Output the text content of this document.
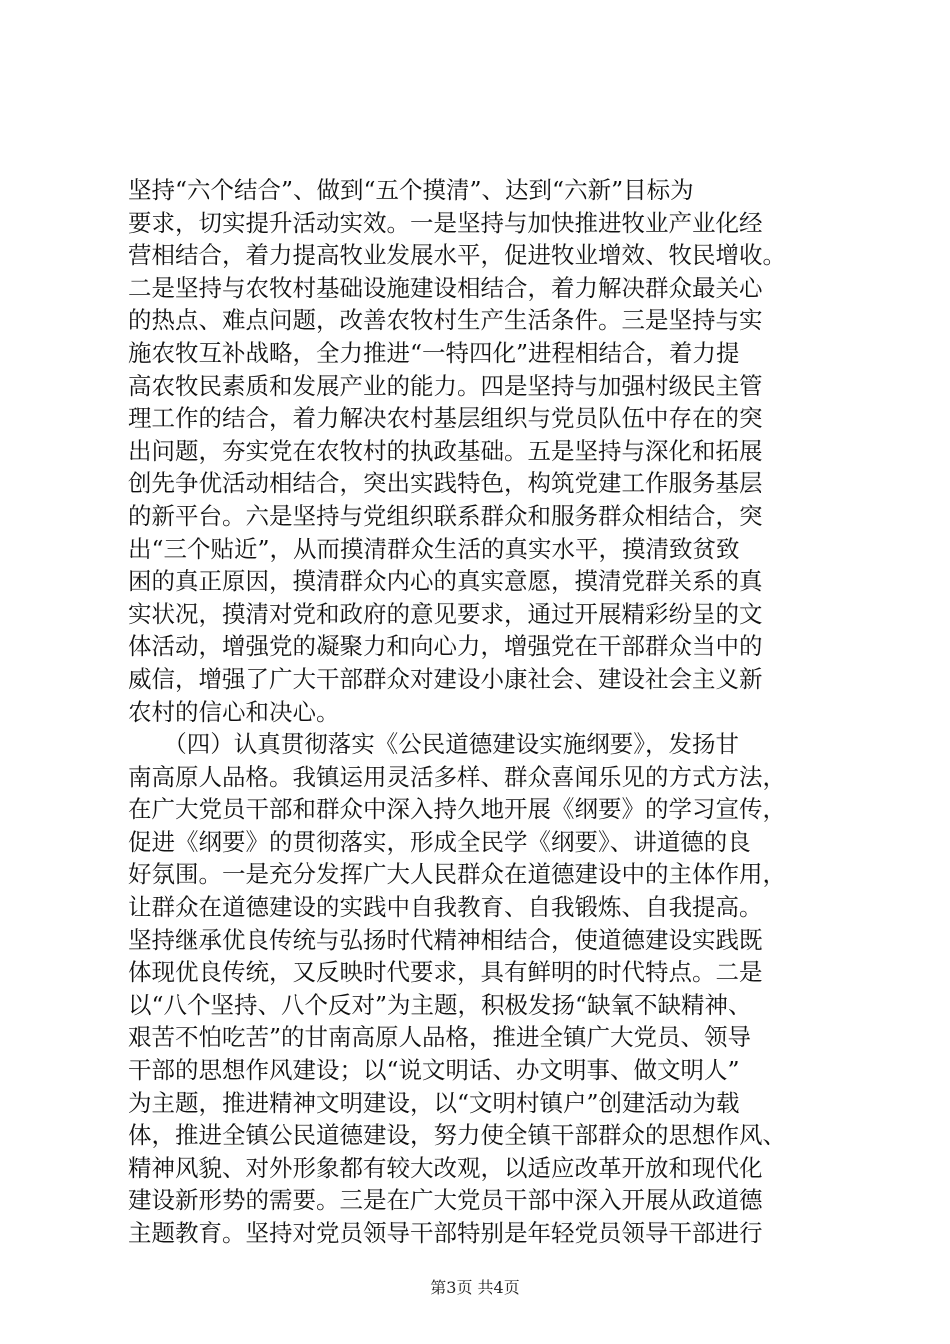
坚持“六个结合”、做到“五个摸清”、达到“六新”目标为
要求，切实提升活动实效。一是坚持与加快推进牧业产业化经
营相结合，着力提高牧业发展水平，促进牧业增效、牧民增收。
二是坚持与农牧村基础设施建设相结合，着力解决群众最关心
的热点、难点问题，改善农牧村生产生活条件。三是坚持与实
施农牧互补战略，全力推进“一特四化”进程相结合，着力提
高农牧民素质和发展产业的能力。四是坚持与加强村级民主管
理工作的结合，着力解决农村基层组织与党员队伍中存在的突
出问题，夯实党在农牧村的执政基础。五是坚持与深化和拓展
创先争优活动相结合，突出实践特色，构筑党建工作服务基层
的新平台。六是坚持与党组织联系群众和服务群众相结合，突
出“三个贴近”，从而摸清群众生活的真实水平，摸清致贫致
困的真正原因，摸清群众内心的真实意愿，摸清党群关系的真
实状况，摸清对党和政府的意见要求，通过开展精彩纷呈的文
体活动，增强党的凝聚力和向心力，增强党在干部群众当中的
威信，增强了广大干部群众对建设小康社会、建设社会主义新
农村的信心和决心。
　　（四）认真贯彻落实《公民道德建设实施纲要》，发扬甘
南高原人品格。我镇运用灵活多样、群众喜闻乐见的方式方法，
在广大党员干部和群众中深入持久地开展《纲要》的学习宣传，
促进《纲要》的贯彻落实，形成全民学《纲要》、讲道德的良
好氛围。一是充分发挥广大人民群众在道德建设中的主体作用，
让群众在道德建设的实践中自我教育、自我锻炼、自我提高。
坚持继承优良传统与弘扬时代精神相结合，使道德建设实践既
体现优良传统，又反映时代要求，具有鲜明的时代特点。二是
以“八个坚持、八个反对”为主题，积极发扬“缺氧不缺精神、
艰苦不怕吃苦”的甘南高原人品格，推进全镇广大党员、领导
干部的思想作风建设；以“说文明话、办文明事、做文明人”
为主题，推进精神文明建设，以“文明村镇户”创建活动为载
体，推进全镇公民道德建设，努力使全镇干部群众的思想作风、
精神风貌、对外形象都有较大改观，以适应改革开放和现代化
建设新形势的需要。三是在广大党员干部中深入开展从政道德
主题教育。坚持对党员领导干部特别是年轻党员领导干部进行
第3页 共4页
